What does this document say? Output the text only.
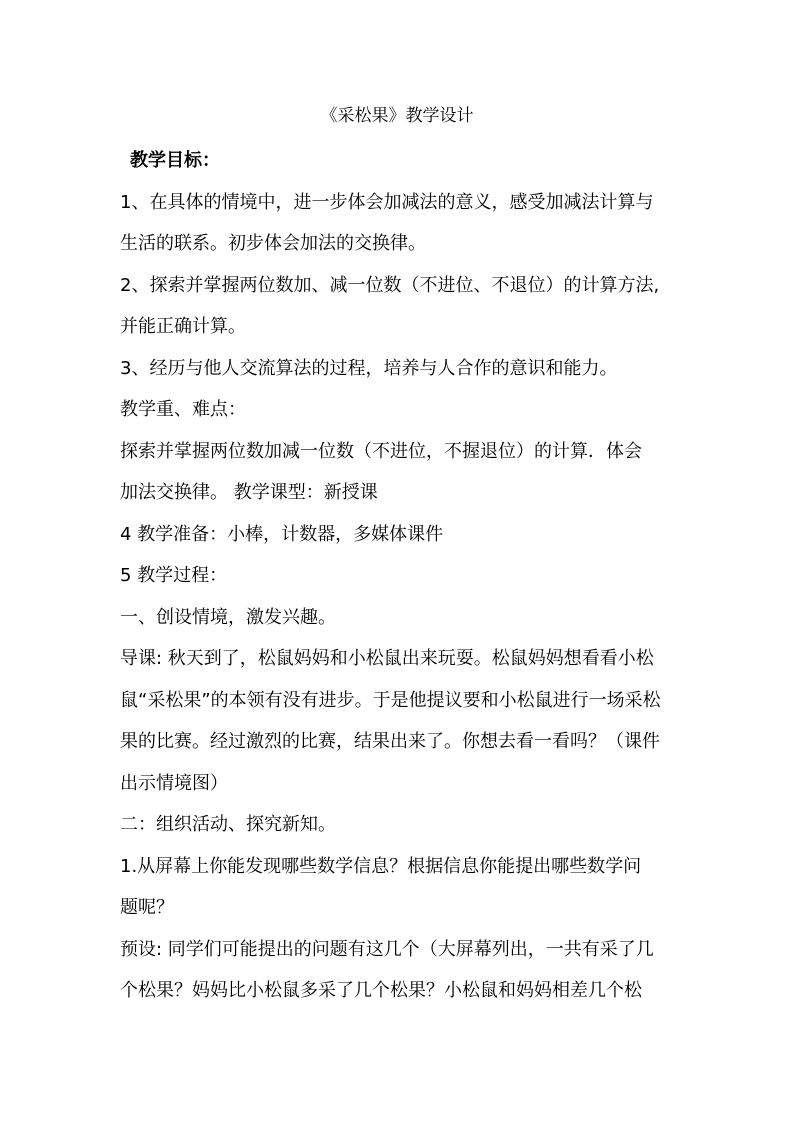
《采松果》教学设计
教学目标：
1、在具体的情境中，进一步体会加减法的意义，感受加减法计算与
生活的联系。初步体会加法的交换律。
2、探索并掌握两位数加、减一位数（不进位、不退位）的计算方法,
并能正确计算。
3、经历与他人交流算法的过程，培养与人合作的意识和能力。
教学重、难点：
探索并掌握两位数加减一位数（不进位，不握退位）的计算．体会
加法交换律。 教学课型：新授课
4 教学准备：小棒，计数器，多媒体课件
5 教学过程：
一、创设情境，激发兴趣。
导课: 秋天到了，松鼠妈妈和小松鼠出来玩耍。松鼠妈妈想看看小松
鼠“采松果”的本领有没有进步。于是他提议要和小松鼠进行一场采松
果的比赛。经过激烈的比赛，结果出来了。你想去看一看吗？（课件
出示情境图）
二：组织活动、探究新知。
1.从屏幕上你能发现哪些数学信息？根据信息你能提出哪些数学问
题呢？
预设: 同学们可能提出的问题有这几个（大屏幕列出，一共有采了几
个松果？妈妈比小松鼠多采了几个松果？小松鼠和妈妈相差几个松
